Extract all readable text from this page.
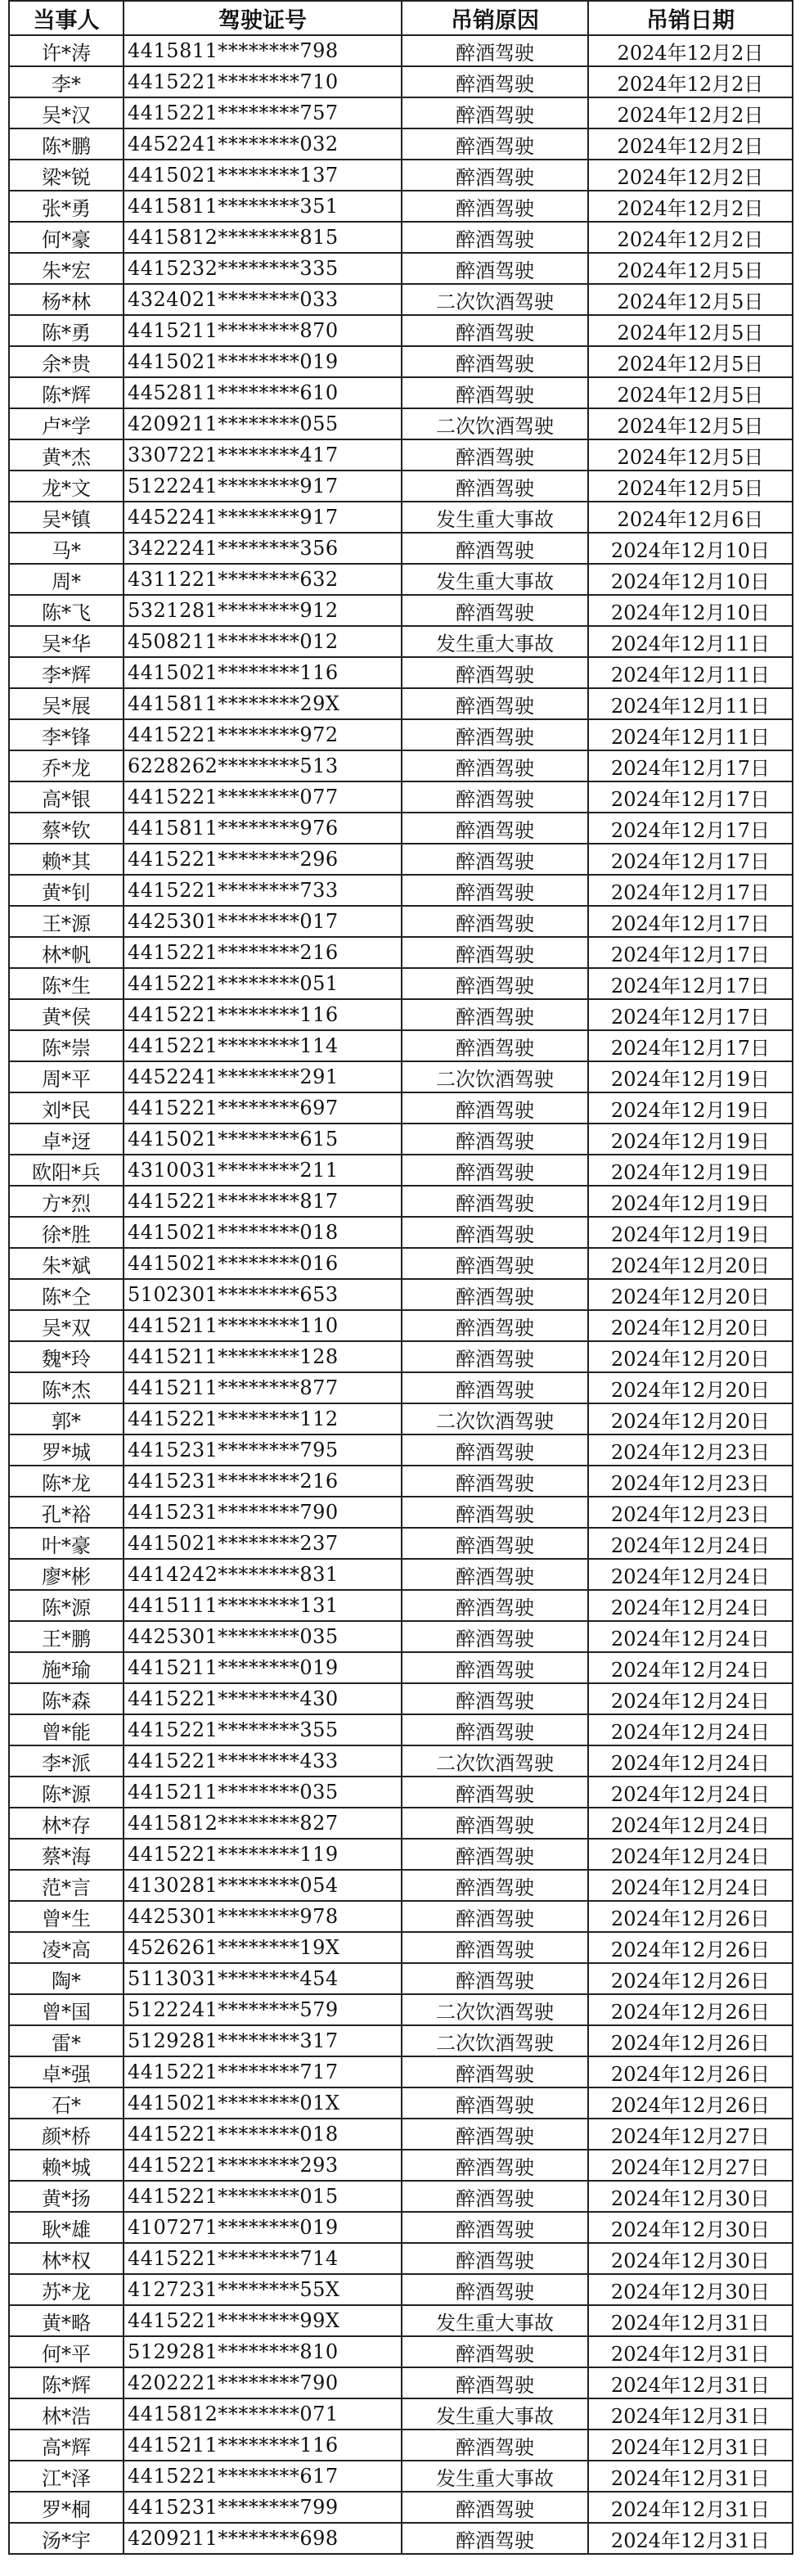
当事人	驾驶证号	吊销原因	吊销日期
许*涛	4415811********798	醉酒驾驶	2024年12月2日
李*	4415221********710	醉酒驾驶	2024年12月2日
吴*汉	4415221********757	醉酒驾驶	2024年12月2日
陈*鹏	4452241********032	醉酒驾驶	2024年12月2日
梁*锐	4415021********137	醉酒驾驶	2024年12月2日
张*勇	4415811********351	醉酒驾驶	2024年12月2日
何*豪	4415812********815	醉酒驾驶	2024年12月2日
朱*宏	4415232********335	醉酒驾驶	2024年12月5日
杨*林	4324021********033	二次饮酒驾驶	2024年12月5日
陈*勇	4415211********870	醉酒驾驶	2024年12月5日
余*贵	4415021********019	醉酒驾驶	2024年12月5日
陈*辉	4452811********610	醉酒驾驶	2024年12月5日
卢*学	4209211********055	二次饮酒驾驶	2024年12月5日
黄*杰	3307221********417	醉酒驾驶	2024年12月5日
龙*文	5122241********917	醉酒驾驶	2024年12月5日
吴*镇	4452241********917	发生重大事故	2024年12月6日
马*	3422241********356	醉酒驾驶	2024年12月10日
周*	4311221********632	发生重大事故	2024年12月10日
陈*飞	5321281********912	醉酒驾驶	2024年12月10日
吴*华	4508211********012	发生重大事故	2024年12月11日
李*辉	4415021********116	醉酒驾驶	2024年12月11日
吴*展	4415811********29X	醉酒驾驶	2024年12月11日
李*锋	4415221********972	醉酒驾驶	2024年12月11日
乔*龙	6228262********513	醉酒驾驶	2024年12月17日
高*银	4415221********077	醉酒驾驶	2024年12月17日
蔡*钦	4415811********976	醉酒驾驶	2024年12月17日
赖*其	4415221********296	醉酒驾驶	2024年12月17日
黄*钊	4415221********733	醉酒驾驶	2024年12月17日
王*源	4425301********017	醉酒驾驶	2024年12月17日
林*帆	4415221********216	醉酒驾驶	2024年12月17日
陈*生	4415221********051	醉酒驾驶	2024年12月17日
黄*侯	4415221********116	醉酒驾驶	2024年12月17日
陈*崇	4415221********114	醉酒驾驶	2024年12月17日
周*平	4452241********291	二次饮酒驾驶	2024年12月19日
刘*民	4415221********697	醉酒驾驶	2024年12月19日
卓*迓	4415021********615	醉酒驾驶	2024年12月19日
欧阳*兵	4310031********211	醉酒驾驶	2024年12月19日
方*烈	4415221********817	醉酒驾驶	2024年12月19日
徐*胜	4415021********018	醉酒驾驶	2024年12月19日
朱*斌	4415021********016	醉酒驾驶	2024年12月20日
陈*仝	5102301********653	醉酒驾驶	2024年12月20日
吴*双	4415211********110	醉酒驾驶	2024年12月20日
魏*玲	4415211********128	醉酒驾驶	2024年12月20日
陈*杰	4415211********877	醉酒驾驶	2024年12月20日
郭*	4415221********112	二次饮酒驾驶	2024年12月20日
罗*城	4415231********795	醉酒驾驶	2024年12月23日
陈*龙	4415231********216	醉酒驾驶	2024年12月23日
孔*裕	4415231********790	醉酒驾驶	2024年12月23日
叶*豪	4415021********237	醉酒驾驶	2024年12月24日
廖*彬	4414242********831	醉酒驾驶	2024年12月24日
陈*源	4415111********131	醉酒驾驶	2024年12月24日
王*鹏	4425301********035	醉酒驾驶	2024年12月24日
施*瑜	4415211********019	醉酒驾驶	2024年12月24日
陈*森	4415221********430	醉酒驾驶	2024年12月24日
曾*能	4415221********355	醉酒驾驶	2024年12月24日
李*派	4415221********433	二次饮酒驾驶	2024年12月24日
陈*源	4415211********035	醉酒驾驶	2024年12月24日
林*存	4415812********827	醉酒驾驶	2024年12月24日
蔡*海	4415221********119	醉酒驾驶	2024年12月24日
范*言	4130281********054	醉酒驾驶	2024年12月24日
曾*生	4425301********978	醉酒驾驶	2024年12月26日
凌*高	4526261********19X	醉酒驾驶	2024年12月26日
陶*	5113031********454	醉酒驾驶	2024年12月26日
曾*国	5122241********579	二次饮酒驾驶	2024年12月26日
雷*	5129281********317	二次饮酒驾驶	2024年12月26日
卓*强	4415221********717	醉酒驾驶	2024年12月26日
石*	4415021********01X	醉酒驾驶	2024年12月26日
颜*桥	4415221********018	醉酒驾驶	2024年12月27日
赖*城	4415221********293	醉酒驾驶	2024年12月27日
黄*扬	4415221********015	醉酒驾驶	2024年12月30日
耿*雄	4107271********019	醉酒驾驶	2024年12月30日
林*权	4415221********714	醉酒驾驶	2024年12月30日
苏*龙	4127231********55X	醉酒驾驶	2024年12月30日
黄*略	4415221********99X	发生重大事故	2024年12月31日
何*平	5129281********810	醉酒驾驶	2024年12月31日
陈*辉	4202221********790	醉酒驾驶	2024年12月31日
林*浩	4415812********071	发生重大事故	2024年12月31日
高*辉	4415211********116	醉酒驾驶	2024年12月31日
江*泽	4415221********617	发生重大事故	2024年12月31日
罗*桐	4415231********799	醉酒驾驶	2024年12月31日
汤*宇	4209211********698	醉酒驾驶	2024年12月31日
